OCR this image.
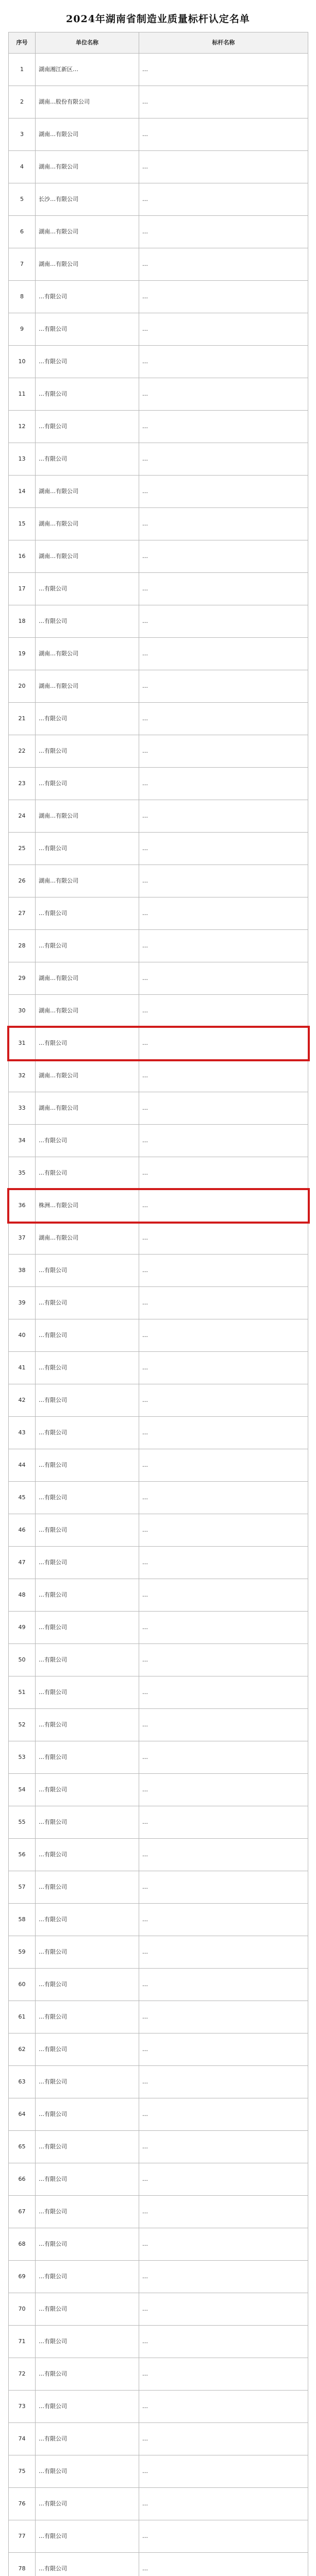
2024年湖南省制造业质量标杆认定名单
序号	单位名称	标杆名称
1	湖南湘江新区…	…
2	湖南…股份有限公司	…
3	湖南…有限公司	…
4	湖南…有限公司	…
5	长沙…有限公司	…
6	湖南…有限公司	…
7	湖南…有限公司	…
8	…有限公司	…
9	…有限公司	…
10	…有限公司	…
11	…有限公司	…
12	…有限公司	…
13	…有限公司	…
14	湖南…有限公司	…
15	湖南…有限公司	…
16	湖南…有限公司	…
17	…有限公司	…
18	…有限公司	…
19	湖南…有限公司	…
20	湖南…有限公司	…
21	…有限公司	…
22	…有限公司	…
23	…有限公司	…
24	湖南…有限公司	…
25	…有限公司	…
26	湖南…有限公司	…
27	…有限公司	…
28	…有限公司	…
29	湖南…有限公司	…
30	湖南…有限公司	…
31	…有限公司	…
32	湖南…有限公司	…
33	湖南…有限公司	…
34	…有限公司	…
35	…有限公司	…
36	株洲…有限公司	…
37	湖南…有限公司	…
38	…有限公司	…
39	…有限公司	…
40	…有限公司	…
41	…有限公司	…
42	…有限公司	…
43	…有限公司	…
44	…有限公司	…
45	…有限公司	…
46	…有限公司	…
47	…有限公司	…
48	…有限公司	…
49	…有限公司	…
50	…有限公司	…
51	…有限公司	…
52	…有限公司	…
53	…有限公司	…
54	…有限公司	…
55	…有限公司	…
56	…有限公司	…
57	…有限公司	…
58	…有限公司	…
59	…有限公司	…
60	…有限公司	…
61	…有限公司	…
62	…有限公司	…
63	…有限公司	…
64	…有限公司	…
65	…有限公司	…
66	…有限公司	…
67	…有限公司	…
68	…有限公司	…
69	…有限公司	…
70	…有限公司	…
71	…有限公司	…
72	…有限公司	…
73	…有限公司	…
74	…有限公司	…
75	…有限公司	…
76	…有限公司	…
77	…有限公司	…
78	…有限公司	…
